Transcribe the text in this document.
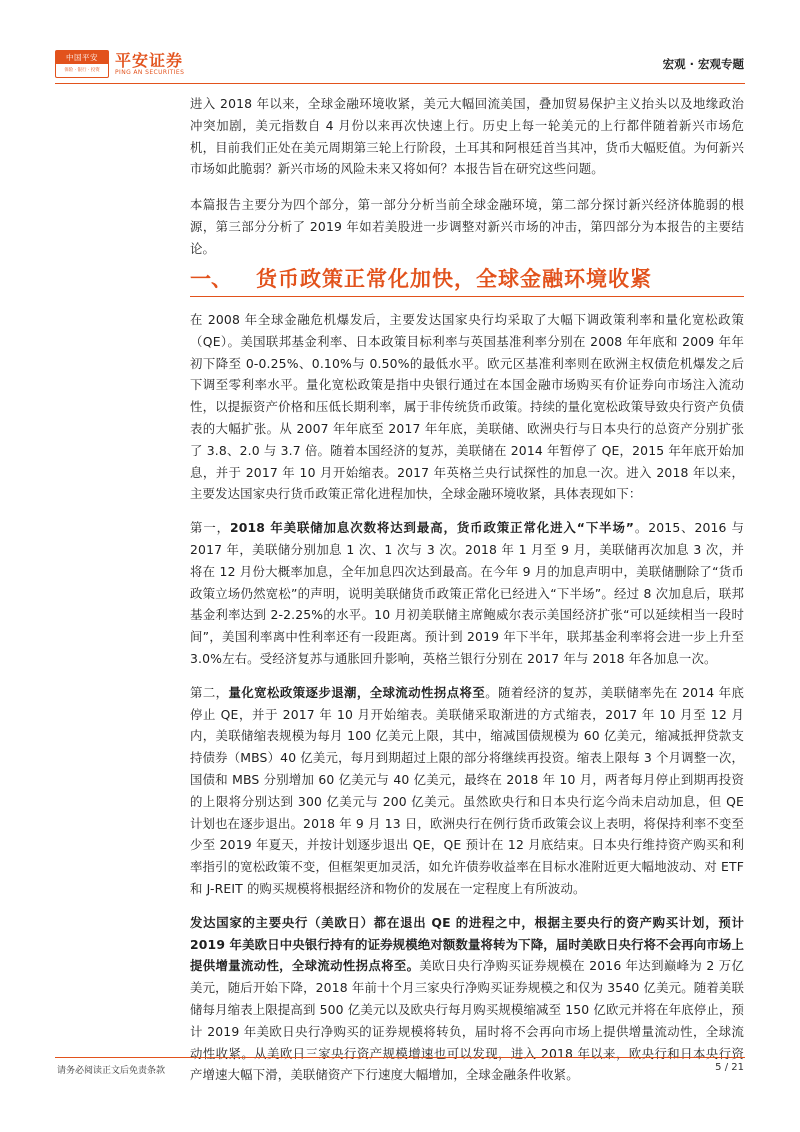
中国平安
保险 · 银行 · 投资
平安证券
PING AN SECURITIES
宏观 · 宏观专题

进入 2018 年以来，全球金融环境收紧，美元大幅回流美国，叠加贸易保护主义抬头以及地缘政治冲突加剧，美元指数自 4 月份以来再次快速上行。历史上每一轮美元的上行都伴随着新兴市场危机，目前我们正处在美元周期第三轮上行阶段，土耳其和阿根廷首当其冲，货币大幅贬值。为何新兴市场如此脆弱？新兴市场的风险未来又将如何？本报告旨在研究这些问题。

本篇报告主要分为四个部分，第一部分分析当前全球金融环境，第二部分探讨新兴经济体脆弱的根源，第三部分分析了 2019 年如若美股进一步调整对新兴市场的冲击，第四部分为本报告的主要结论。

一、 货币政策正常化加快，全球金融环境收紧

在 2008 年全球金融危机爆发后，主要发达国家央行均采取了大幅下调政策利率和量化宽松政策（QE）。美国联邦基金利率、日本政策目标利率与英国基准利率分别在 2008 年年底和 2009 年年初下降至 0-0.25%、0.10%与 0.50%的最低水平。欧元区基准利率则在欧洲主权债危机爆发之后下调至零利率水平。量化宽松政策是指中央银行通过在本国金融市场购买有价证券向市场注入流动性，以提振资产价格和压低长期利率，属于非传统货币政策。持续的量化宽松政策导致央行资产负债表的大幅扩张。从 2007 年年底至 2017 年年底，美联储、欧洲央行与日本央行的总资产分别扩张了 3.8、2.0 与 3.7 倍。随着本国经济的复苏，美联储在 2014 年暂停了 QE，2015 年年底开始加息，并于 2017 年 10 月开始缩表。2017 年英格兰央行试探性的加息一次。进入 2018 年以来，主要发达国家央行货币政策正常化进程加快，全球金融环境收紧，具体表现如下：

第一，2018 年美联储加息次数将达到最高，货币政策正常化进入“下半场”。2015、2016 与 2017 年，美联储分别加息 1 次、1 次与 3 次。2018 年 1 月至 9 月，美联储再次加息 3 次，并将在 12 月份大概率加息，全年加息四次达到最高。在今年 9 月的加息声明中，美联储删除了“货币政策立场仍然宽松”的声明，说明美联储货币政策正常化已经进入“下半场”。经过 8 次加息后，联邦基金利率达到 2-2.25%的水平。10 月初美联储主席鲍威尔表示美国经济扩张“可以延续相当一段时间”，美国利率离中性利率还有一段距离。预计到 2019 年下半年，联邦基金利率将会进一步上升至 3.0%左右。受经济复苏与通胀回升影响，英格兰银行分别在 2017 年与 2018 年各加息一次。

第二，量化宽松政策逐步退潮，全球流动性拐点将至。随着经济的复苏，美联储率先在 2014 年底停止 QE，并于 2017 年 10 月开始缩表。美联储采取渐进的方式缩表，2017 年 10 月至 12 月内，美联储缩表规模为每月 100 亿美元上限，其中，缩减国债规模为 60 亿美元，缩减抵押贷款支持债券（MBS）40 亿美元，每月到期超过上限的部分将继续再投资。缩表上限每 3 个月调整一次，国债和 MBS 分别增加 60 亿美元与 40 亿美元，最终在 2018 年 10 月，两者每月停止到期再投资的上限将分别达到 300 亿美元与 200 亿美元。虽然欧央行和日本央行迄今尚未启动加息，但 QE 计划也在逐步退出。2018 年 9 月 13 日，欧洲央行在例行货币政策会议上表明，将保持利率不变至少至 2019 年夏天，并按计划逐步退出 QE，QE 预计在 12 月底结束。日本央行维持资产购买和利率指引的宽松政策不变，但框架更加灵活，如允许债券收益率在目标水准附近更大幅地波动、对 ETF 和 J-REIT 的购买规模将根据经济和物价的发展在一定程度上有所波动。

发达国家的主要央行（美欧日）都在退出 QE 的进程之中，根据主要央行的资产购买计划，预计 2019 年美欧日中央银行持有的证券规模绝对额数量将转为下降，届时美欧日央行将不会再向市场上提供增量流动性，全球流动性拐点将至。美欧日央行净购买证券规模在 2016 年达到巅峰为 2 万亿美元，随后开始下降，2018 年前十个月三家央行净购买证券规模之和仅为 3540 亿美元。随着美联储每月缩表上限提高到 500 亿美元以及欧央行每月购买规模缩减至 150 亿欧元并将在年底停止，预计 2019 年美欧日央行净购买的证券规模将转负，届时将不会再向市场上提供增量流动性，全球流动性收紧。从美欧日三家央行资产规模增速也可以发现，进入 2018 年以来，欧央行和日本央行资产增速大幅下滑，美联储资产下行速度大幅增加，全球金融条件收紧。

请务必阅读正文后免责条款	5 / 21
